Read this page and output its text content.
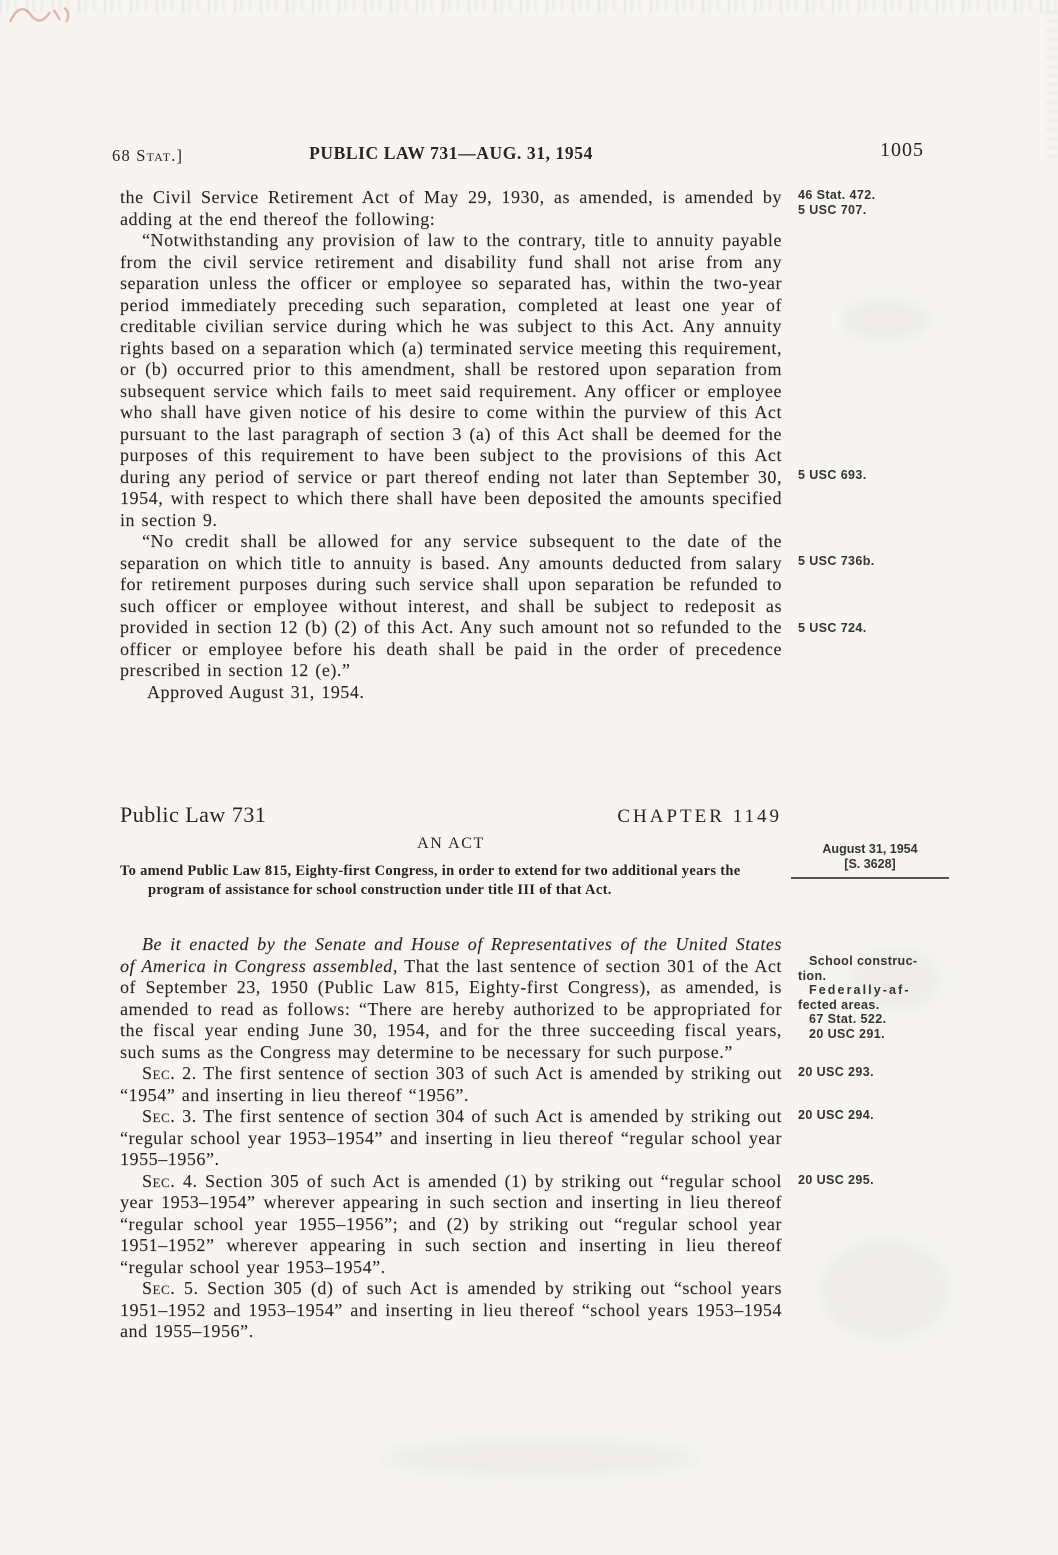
68 Stat.]	PUBLIC LAW 731—AUG. 31, 1954	1005

the Civil Service Retirement Act of May 29, 1930, as amended, is amended by adding at the end thereof the following:
46 Stat. 472.
5 USC 707.

“Notwithstanding any provision of law to the contrary, title to annuity payable from the civil service retirement and disability fund shall not arise from any separation unless the officer or employee so separated has, within the two-year period immediately preceding such separation, completed at least one year of creditable civilian service during which he was subject to this Act. Any annuity rights based on a separation which (a) terminated service meeting this requirement, or (b) occurred prior to this amendment, shall be restored upon separation from subsequent service which fails to meet said requirement. Any officer or employee who shall have given notice of his desire to come within the purview of this Act pursuant to the last paragraph of section 3 (a) of this Act shall be deemed for the purposes of this requirement to have been subject to the provisions of this Act during any period of service or part thereof ending not later than September 30, 1954, with respect to which there shall have been deposited the amounts specified in section 9.
5 USC 693.
5 USC 736b.

“No credit shall be allowed for any service subsequent to the date of the separation on which title to annuity is based. Any amounts deducted from salary for retirement purposes during such service shall upon separation be refunded to such officer or employee without interest, and shall be subject to redeposit as provided in section 12 (b) (2) of this Act. Any such amount not so refunded to the officer or employee before his death shall be paid in the order of precedence prescribed in section 12 (e).”
5 USC 724.

Approved August 31, 1954.

Public Law 731	CHAPTER 1149
AN ACT
To amend Public Law 815, Eighty-first Congress, in order to extend for two additional years the program of assistance for school construction under title III of that Act.
August 31, 1954
[S. 3628]

Be it enacted by the Senate and House of Representatives of the United States of America in Congress assembled, That the last sentence of section 301 of the Act of September 23, 1950 (Public Law 815, Eighty-first Congress), as amended, is amended to read as follows: “There are hereby authorized to be appropriated for the fiscal year ending June 30, 1954, and for the three succeeding fiscal years, such sums as the Congress may determine to be necessary for such purpose.”
School construc-
tion.
Federally-af-
fected areas.
67 Stat. 522.
20 USC 291.

Sec. 2. The first sentence of section 303 of such Act is amended by striking out “1954” and inserting in lieu thereof “1956”.
20 USC 293.

Sec. 3. The first sentence of section 304 of such Act is amended by striking out “regular school year 1953–1954” and inserting in lieu thereof “regular school year 1955–1956”.
20 USC 294.

Sec. 4. Section 305 of such Act is amended (1) by striking out “regular school year 1953–1954” wherever appearing in such section and inserting in lieu thereof “regular school year 1955–1956”; and (2) by striking out “regular school year 1951–1952” wherever appearing in such section and inserting in lieu thereof “regular school year 1953–1954”.
20 USC 295.

Sec. 5. Section 305 (d) of such Act is amended by striking out “school years 1951–1952 and 1953–1954” and inserting in lieu thereof “school years 1953–1954 and 1955–1956”.
